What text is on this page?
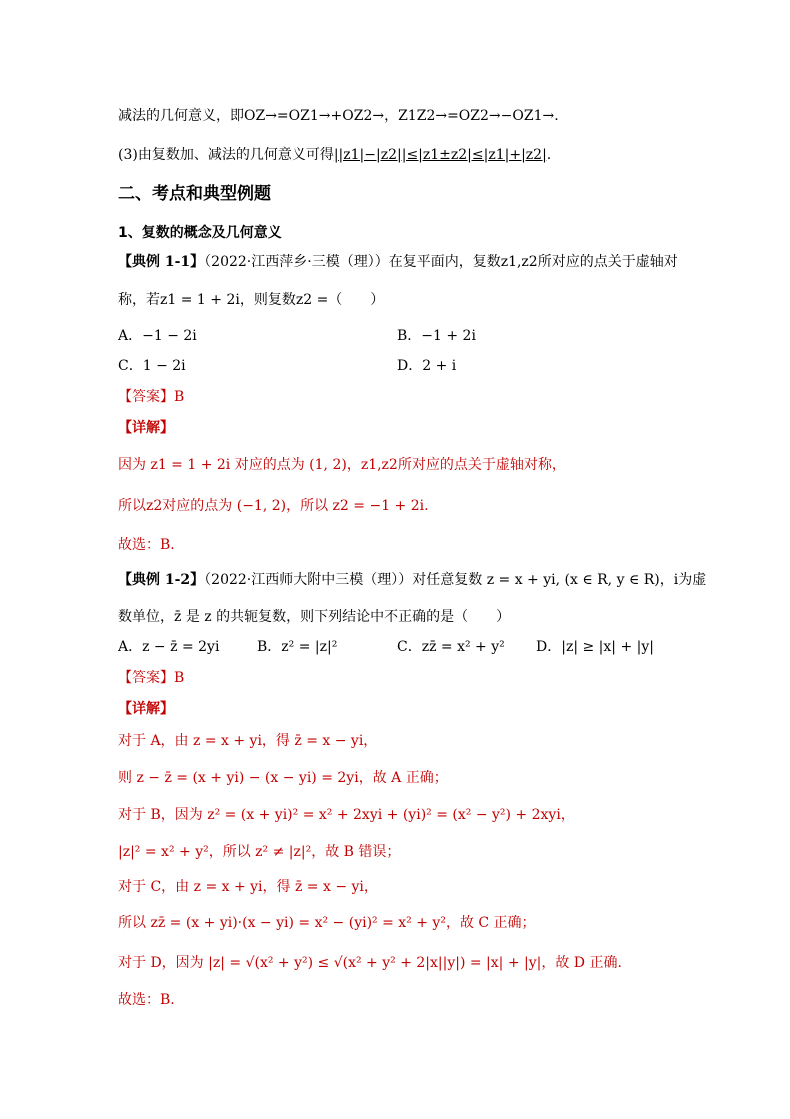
减法的几何意义，即OZ→=OZ1→+OZ2→，Z1Z2→=OZ2→−OZ1→.
(3)由复数加、减法的几何意义可得||z1|−|z2||≤|z1±z2|≤|z1|+|z2|.
二、考点和典型例题
1、复数的概念及几何意义
【典例 1-1】（2022·江西萍乡·三模（理））在复平面内，复数z1,z2所对应的点关于虚轴对
称，若z1 = 1 + 2i，则复数z2 =（　　）
A．−1 − 2i	B．−1 + 2i
C．1 − 2i	D．2 + i
【答案】B
【详解】
因为 z1 = 1 + 2i 对应的点为 (1, 2)，z1,z2所对应的点关于虚轴对称，
所以z2对应的点为 (−1, 2)，所以 z2 = −1 + 2i.
故选：B.
【典例 1-2】（2022·江西师大附中三模（理））对任意复数 z = x + yi, (x ∈ R, y ∈ R)，i为虚
数单位，z̄ 是 z 的共轭复数，则下列结论中不正确的是（　　）
A．z − z̄ = 2yi	B．z² = |z|²	C．zz̄ = x² + y² D．|z| ≥ |x| + |y|
【答案】B
【详解】
对于 A，由 z = x + yi，得 z̄ = x − yi，
则 z − z̄ = (x + yi) − (x − yi) = 2yi，故 A 正确；
对于 B，因为 z² = (x + yi)² = x² + 2xyi + (yi)² = (x² − y²) + 2xyi，
|z|² = x² + y²，所以 z² ≠ |z|²，故 B 错误；
对于 C，由 z = x + yi，得 z̄ = x − yi，
所以 zz̄ = (x + yi)·(x − yi) = x² − (yi)² = x² + y²，故 C 正确；
对于 D，因为 |z| = √(x² + y²) ≤ √(x² + y² + 2|x||y|) = |x| + |y|，故 D 正确.
故选：B.
